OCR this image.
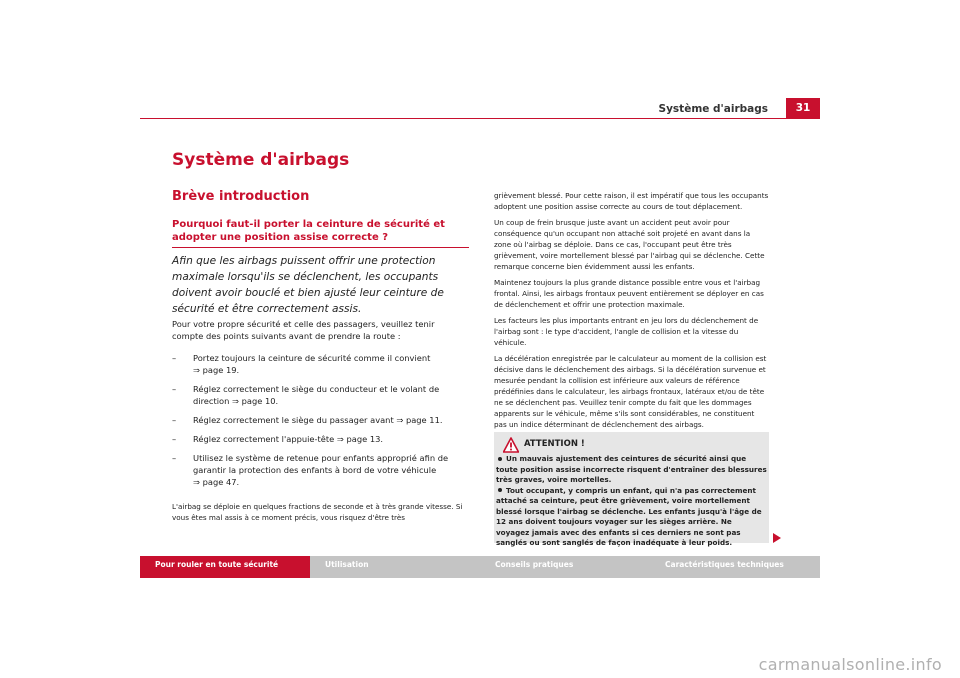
Système d'airbags	31
Système d'airbags
Brève introduction
Pourquoi faut-il porter la ceinture de sécurité et adopter une position assise correcte ?
Afin que les airbags puissent offrir une protection maximale lorsqu'ils se déclenchent, les occupants doivent avoir bouclé et bien ajusté leur ceinture de sécurité et être correctement assis.
Pour votre propre sécurité et celle des passagers, veuillez tenir compte des points suivants avant de prendre la route :
– Portez toujours la ceinture de sécurité comme il convient
⇒ page 19.
– Réglez correctement le siège du conducteur et le volant de direction ⇒ page 10.
– Réglez correctement le siège du passager avant ⇒ page 11.
– Réglez correctement l'appuie-tête ⇒ page 13.
– Utilisez le système de retenue pour enfants approprié afin de garantir la protection des enfants à bord de votre véhicule
⇒ page 47.
L'airbag se déploie en quelques fractions de seconde et à très grande vitesse. Si vous êtes mal assis à ce moment précis, vous risquez d'être très

grièvement blessé. Pour cette raison, il est impératif que tous les occupants adoptent une position assise correcte au cours de tout déplacement.

Un coup de frein brusque juste avant un accident peut avoir pour conséquence qu'un occupant non attaché soit projeté en avant dans la zone où l'airbag se déploie. Dans ce cas, l'occupant peut être très grièvement, voire mortellement blessé par l'airbag qui se déclenche. Cette remarque concerne bien évidemment aussi les enfants.

Maintenez toujours la plus grande distance possible entre vous et l'airbag frontal. Ainsi, les airbags frontaux peuvent entièrement se déployer en cas de déclenchement et offrir une protection maximale.

Les facteurs les plus importants entrant en jeu lors du déclenchement de l'airbag sont : le type d'accident, l'angle de collision et la vitesse du véhicule.

La décélération enregistrée par le calculateur au moment de la collision est décisive dans le déclenchement des airbags. Si la décélération survenue et mesurée pendant la collision est inférieure aux valeurs de référence prédéfinies dans le calculateur, les airbags frontaux, latéraux et/ou de tête ne se déclenchent pas. Veuillez tenir compte du fait que les dommages apparents sur le véhicule, même s'ils sont considérables, ne constituent pas un indice déterminant de déclenchement des airbags.

ATTENTION !

Un mauvais ajustement des ceintures de sécurité ainsi que toute position assise incorrecte risquent d'entraîner des blessures très graves, voire mortelles.

Tout occupant, y compris un enfant, qui n'a pas correctement attaché sa ceinture, peut être grièvement, voire mortellement blessé lorsque l'airbag se déclenche. Les enfants jusqu'à l'âge de 12 ans doivent toujours voyager sur les sièges arrière. Ne voyagez jamais avec des enfants si ces derniers ne sont pas sanglés ou sont sanglés de façon inadéquate à leur poids.

Pour rouler en toute sécurité	Utilisation	Conseils pratiques	Caractéristiques techniques
carmanualsonline.info
